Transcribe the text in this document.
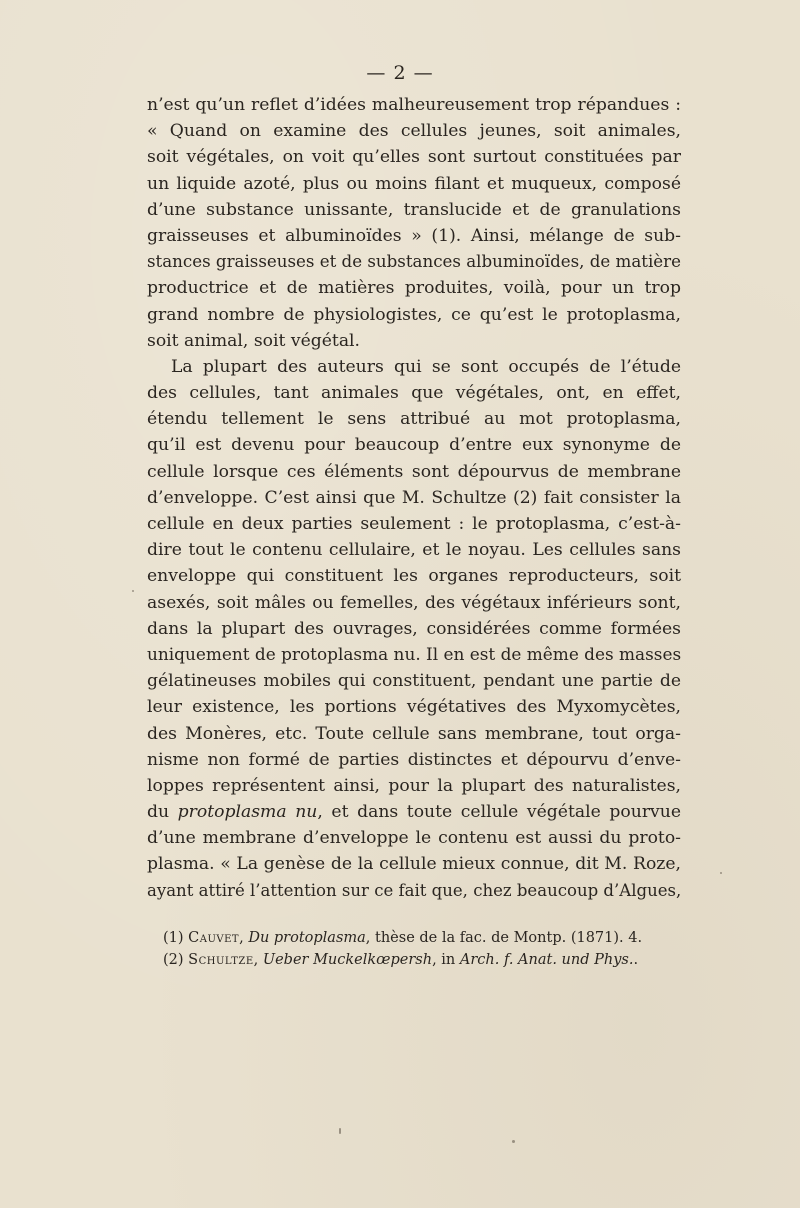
— 2 —
n’est qu’un reflet d’idées malheureusement trop répandues :
« Quand on examine des cellules jeunes, soit animales,
soit végétales, on voit qu’elles sont surtout constituées par
un liquide azoté, plus ou moins filant et muqueux, composé
d’une substance unissante, translucide et de granulations
graisseuses et albuminoïdes » (1). Ainsi, mélange de sub-
stances graisseuses et de substances albuminoïdes, de matière
productrice et de matières produites, voilà, pour un trop
grand nombre de physiologistes, ce qu’est le protoplasma,
soit animal, soit végétal.
La plupart des auteurs qui se sont occupés de l’étude
des cellules, tant animales que végétales, ont, en effet,
étendu tellement le sens attribué au mot protoplasma,
qu’il est devenu pour beaucoup d’entre eux synonyme de
cellule lorsque ces éléments sont dépourvus de membrane
d’enveloppe. C’est ainsi que M. Schultze (2) fait consister la
cellule en deux parties seulement : le protoplasma, c’est-à-
dire tout le contenu cellulaire, et le noyau. Les cellules sans
enveloppe qui constituent les organes reproducteurs, soit
asexés, soit mâles ou femelles, des végétaux inférieurs sont,
dans la plupart des ouvrages, considérées comme formées
uniquement de protoplasma nu. Il en est de même des masses
gélatineuses mobiles qui constituent, pendant une partie de
leur existence, les portions végétatives des Myxomycètes,
des Monères, etc. Toute cellule sans membrane, tout orga-
nisme non formé de parties distinctes et dépourvu d’enve-
loppes représentent ainsi, pour la plupart des naturalistes,
du protoplasma nu, et dans toute cellule végétale pourvue
d’une membrane d’enveloppe le contenu est aussi du proto-
plasma. « La genèse de la cellule mieux connue, dit M. Roze,
ayant attiré l’attention sur ce fait que, chez beaucoup d’Algues,
(1) Cauvet, Du protoplasma, thèse de la fac. de Montp. (1871). 4.
(2) Schultze, Ueber Muckelkœpersh, in Arch. f. Anat. und Phys..
